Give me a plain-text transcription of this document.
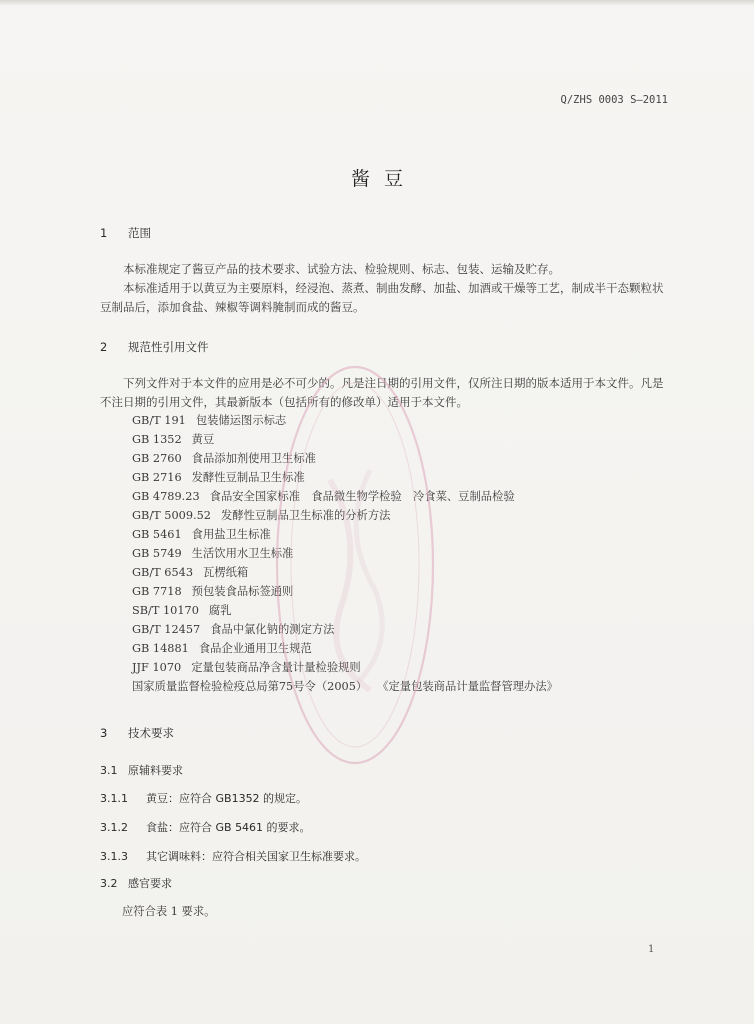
Q/ZHS 0003 S—2011
酱豆
1 范围
本标准规定了酱豆产品的技术要求、试验方法、检验规则、标志、包装、运输及贮存。
本标准适用于以黄豆为主要原料，经浸泡、蒸煮、制曲发酵、加盐、加酒或干燥等工艺，制成半干态颗粒状豆制品后，添加食盐、辣椒等调料腌制而成的酱豆。
2 规范性引用文件
下列文件对于本文件的应用是必不可少的。凡是注日期的引用文件，仅所注日期的版本适用于本文件。凡是不注日期的引用文件，其最新版本（包括所有的修改单）适用于本文件。
GB/T 191 包装储运图示标志
GB 1352 黄豆
GB 2760 食品添加剂使用卫生标准
GB 2716 发酵性豆制品卫生标准
GB 4789.23 食品安全国家标准　食品微生物学检验　冷食菜、豆制品检验
GB/T 5009.52 发酵性豆制品卫生标准的分析方法
GB 5461 食用盐卫生标准
GB 5749 生活饮用水卫生标准
GB/T 6543 瓦楞纸箱
GB 7718 预包装食品标签通则
SB/T 10170 腐乳
GB/T 12457 食品中氯化钠的测定方法
GB 14881 食品企业通用卫生规范
JJF 1070 定量包装商品净含量计量检验规则
国家质量监督检验检疫总局第75号令（2005） 《定量包装商品计量监督管理办法》
3 技术要求
3.1 原辅料要求
3.1.1 黄豆：应符合 GB1352 的规定。
3.1.2 食盐：应符合 GB 5461 的要求。
3.1.3 其它调味料：应符合相关国家卫生标准要求。
3.2 感官要求
应符合表 1 要求。
1
